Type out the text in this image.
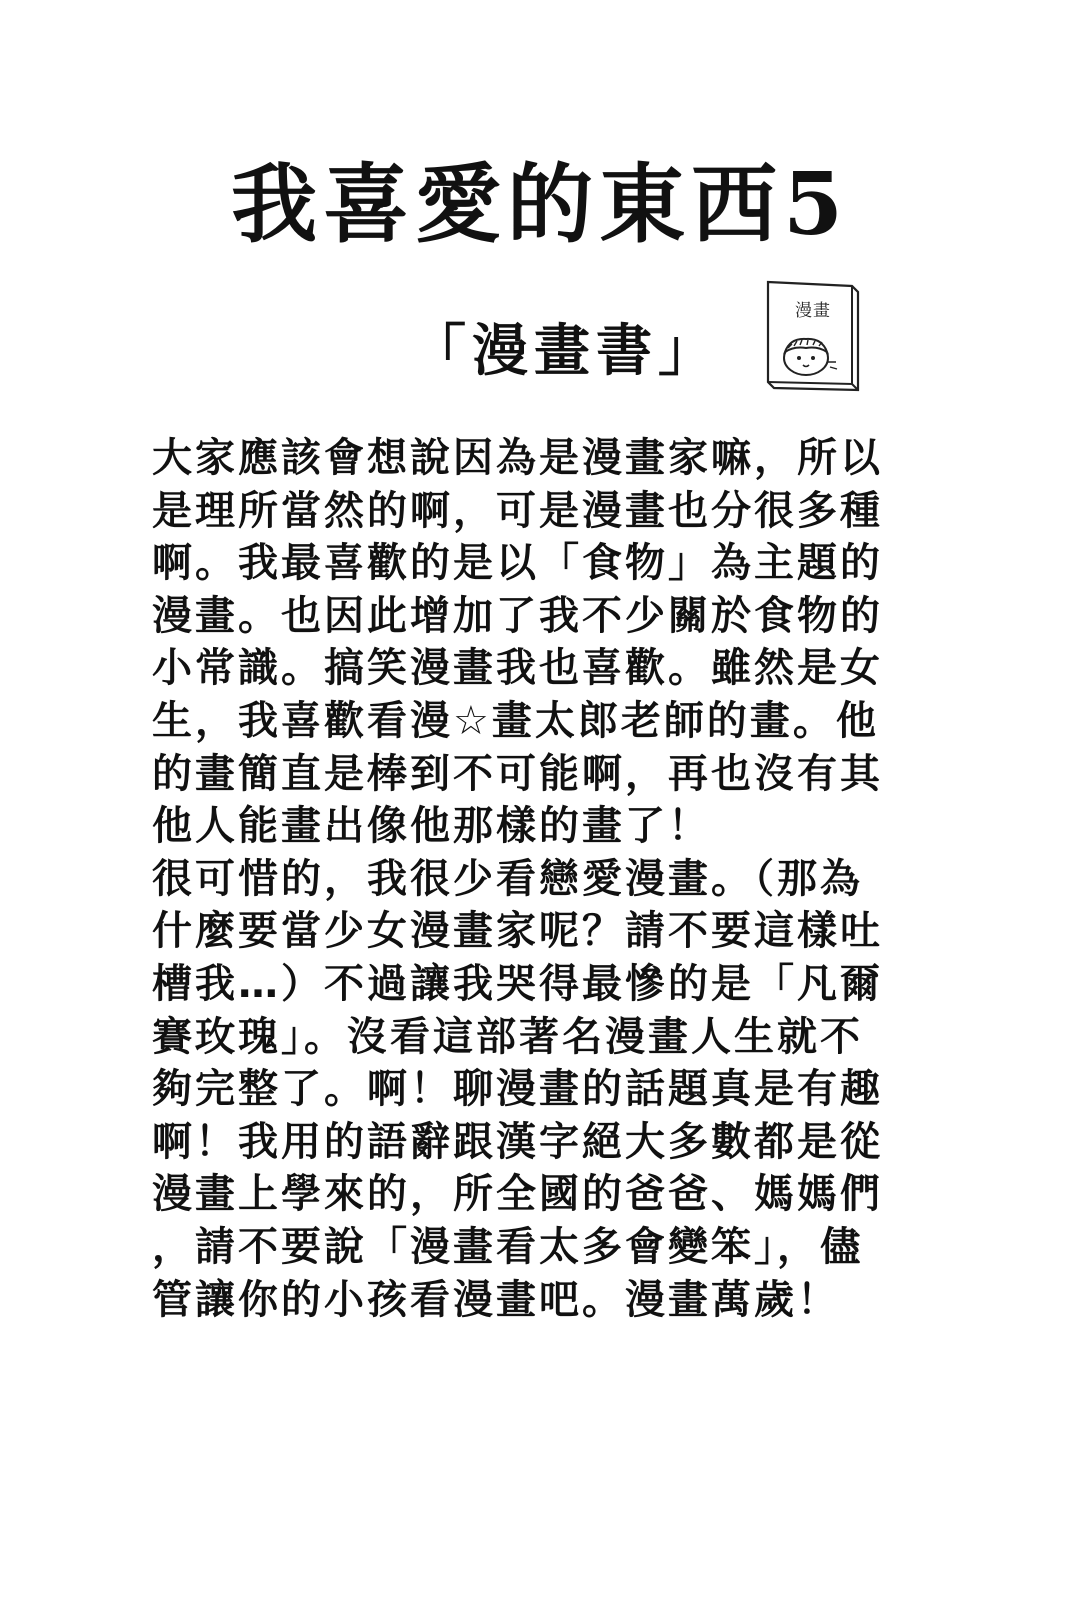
我喜愛的東西5
「漫畫書」
漫畫
大家應該會想說因為是漫畫家嘛，所以
是理所當然的啊，可是漫畫也分很多種
啊。我最喜歡的是以「食物」為主題的
漫畫。也因此增加了我不少關於食物的
小常識。搞笑漫畫我也喜歡。雖然是女
生，我喜歡看漫☆畫太郎老師的畫。他
的畫簡直是棒到不可能啊，再也沒有其
他人能畫出像他那樣的畫了！
很可惜的，我很少看戀愛漫畫。（那為
什麼要當少女漫畫家呢？請不要這樣吐
槽我…）不過讓我哭得最慘的是「凡爾
賽玫瑰」。沒看這部著名漫畫人生就不
夠完整了。啊！聊漫畫的話題真是有趣
啊！我用的語辭跟漢字絕大多數都是從
漫畫上學來的，所全國的爸爸、媽媽們
，請不要說「漫畫看太多會變笨」，儘
管讓你的小孩看漫畫吧。漫畫萬歲！
